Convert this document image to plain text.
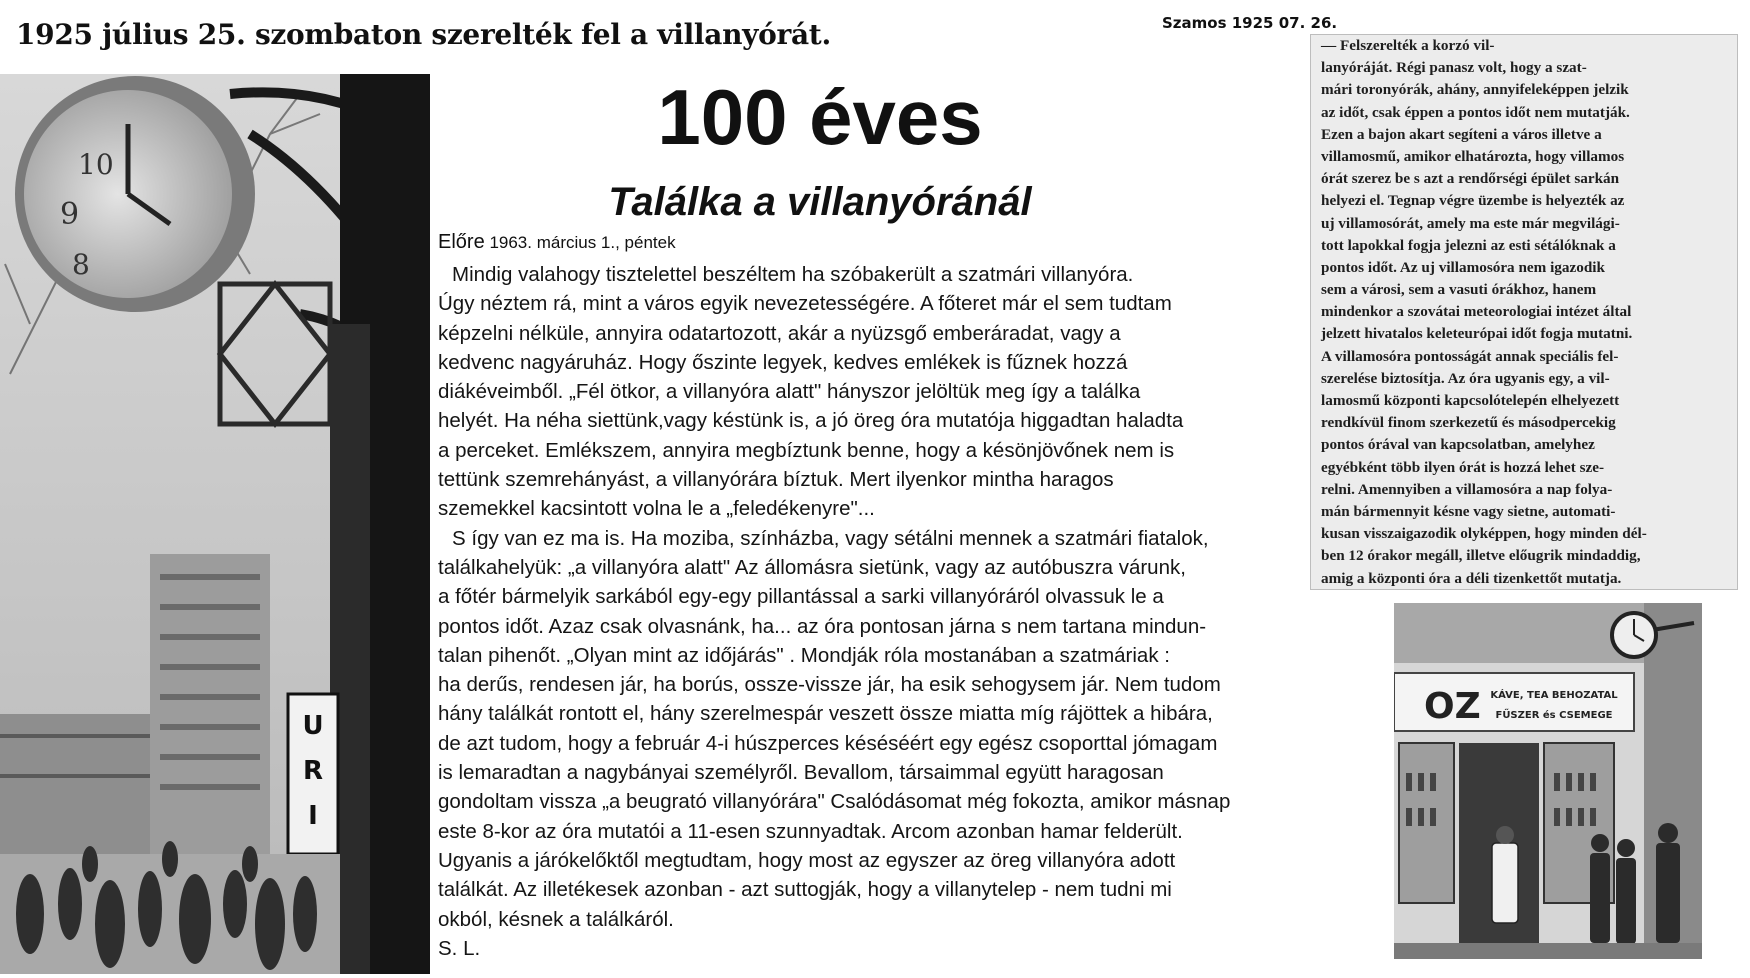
1925 július 25. szombaton szerelték fel a villanyórát.	Szamos 1925 07. 26.
9
8
10
U
R
I
100 éves
Találka a villanyóránál
Előre 1963. március 1., péntek
Mindig valahogy tisztelettel beszéltem ha szóbakerült a szatmári villanyóra.
Úgy néztem rá, mint a város egyik nevezetességére. A főteret már el sem tudtam
képzelni nélküle, annyira odatartozott, akár a nyüzsgő emberáradat, vagy a
kedvenc nagyáruház. Hogy őszinte legyek, kedves emlékek is fűznek hozzá
diákéveimből. „Fél ötkor, a villanyóra alatt" hányszor jelöltük meg így a találka
helyét. Ha néha siettünk,vagy késtünk is, a jó öreg óra mutatója higgadtan haladta
a perceket. Emlékszem, annyira megbíztunk benne, hogy a késönjövőnek nem is
tettünk szemrehányást, a villanyórára bíztuk. Mert ilyenkor mintha haragos
szemekkel kacsintott volna le a „feledékenyre"...
S így van ez ma is. Ha moziba, színházba, vagy sétálni mennek a szatmári fiatalok,
találkahelyük: „a villanyóra alatt" Az állomásra sietünk, vagy az autóbuszra várunk,
a főtér bármelyik sarkából egy-egy pillantással a sarki villanyóráról olvassuk le a
pontos időt. Azaz csak olvasnánk, ha... az óra pontosan járna s nem tartana mindun-
talan pihenőt. „Olyan mint az időjárás" . Mondják róla mostanában a szatmáriak :
ha derűs, rendesen jár, ha borús, ossze-vissze jár, ha esik sehogysem jár. Nem tudom
hány találkát rontott el, hány szerelmespár veszett össze miatta míg rájöttek a hibára,
de azt tudom, hogy a február 4-i húszperces késéséért egy egész csoporttal jómagam
is lemaradtan a nagybányai személyről. Bevallom, társaimmal együtt haragosan
gondoltam vissza „a beugrató villanyórára" Csalódásomat még fokozta, amikor másnap
este 8-kor az óra mutatói a 11-esen szunnyadtak. Arcom azonban hamar felderült.
Ugyanis a járókelőktől megtudtam, hogy most az egyszer az öreg villanyóra adott
találkát. Az illetékesek azonban - azt suttogják, hogy a villanytelep - nem tudni mi
okból, késnek a találkáról.
S. L.
— Felszerelték a korzó vil-
lanyóráját. Régi panasz volt, hogy a szat-
mári toronyórák, ahány, annyifeleképpen jelzik
az időt, csak éppen a pontos időt nem mutatják.
Ezen a bajon akart segíteni a város illetve a
villamosmű, amikor elhatározta, hogy villamos
órát szerez be s azt a rendőrségi épület sarkán
helyezi el. Tegnap végre üzembe is helyezték az
uj villamosórát, amely ma este már megvilági-
tott lapokkal fogja jelezni az esti sétálóknak a
pontos időt. Az uj villamosóra nem igazodik
sem a városi, sem a vasuti órákhoz, hanem
mindenkor a szovátai meteorologiai intézet által
jelzett hivatalos keleteurópai időt fogja mutatni.
A villamosóra pontosságát annak speciális fel-
szerelése biztosítja. Az óra ugyanis egy, a vil-
lamosmű központi kapcsolótelepén elhelyezett
rendkívül finom szerkezetű és másodpercekig
pontos órával van kapcsolatban, amelyhez
egyébként több ilyen órát is hozzá lehet sze-
relni. Amennyiben a villamosóra a nap folya-
mán bármennyit késne vagy sietne, automati-
kusan visszaigazodik olyképpen, hogy minden dél-
ben 12 órakor megáll, illetve előugrik mindaddig,
amig a központi óra a déli tizenkettőt mutatja.
OZ KÁVE, TEA BEHOZATAL
FŰSZER és CSEMEGE
